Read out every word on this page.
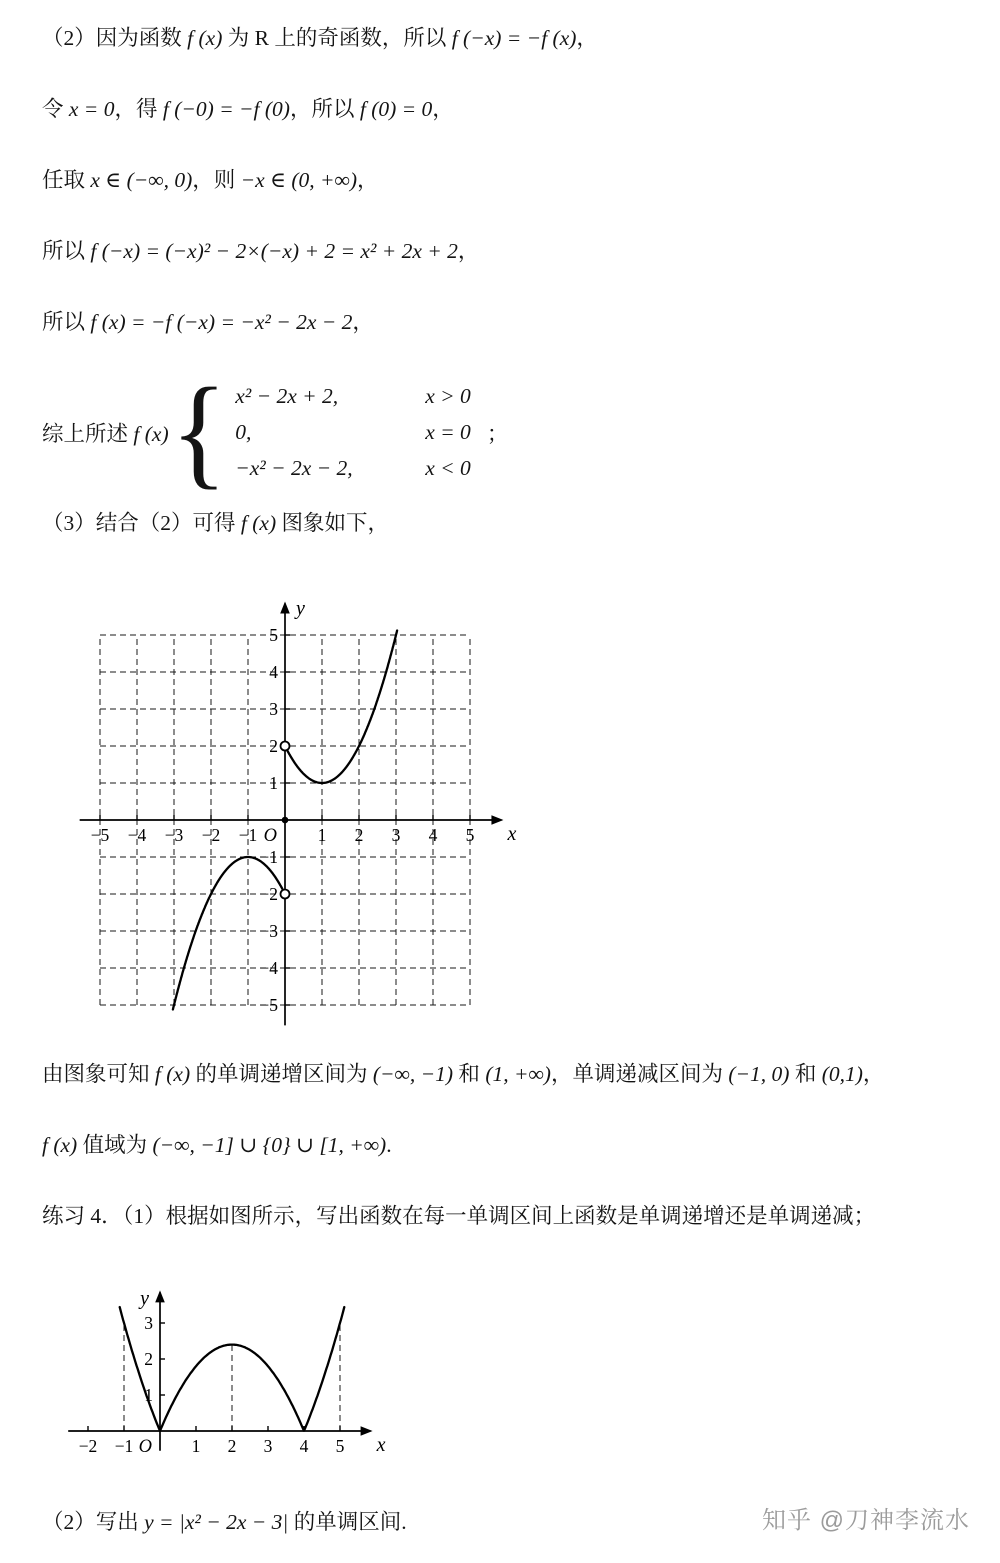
（2）因为函数 f (x) 为 R 上的奇函数，所以 f (−x) = −f (x)，

令 x = 0，得 f (−0) = −f (0)，所以 f (0) = 0，

任取 x ∈ (−∞, 0)，则 −x ∈ (0, +∞)，

所以 f (−x) = (−x)² − 2×(−x) + 2 = x² + 2x + 2，

所以 f (x) = −f (−x) = −x² − 2x − 2，

综上所述 f (x) { x² − 2x + 2,	x > 0
0,	x = 0
−x² − 2x − 2,	x < 0
；

（3）结合（2）可得 f (x) 图象如下，

−5 −4 −3 −2 −1	1 2 3 4 5
5
4
3
2
1
−1
−2
−3
−4
−5
O	x
y

由图象可知 f (x) 的单调递增区间为 (−∞, −1) 和 (1, +∞)，单调递减区间为 (−1, 0) 和 (0,1)，

f (x) 值域为 (−∞, −1] ∪ {0} ∪ [1, +∞).

练习 4．（1）根据如图所示，写出函数在每一单调区间上函数是单调递增还是单调递减；

−2 −1	1 2 3 4 5
1
2
3
O	x
y

（2）写出 y = |x² − 2x − 3| 的单调区间.	知乎 @刀神李流水
